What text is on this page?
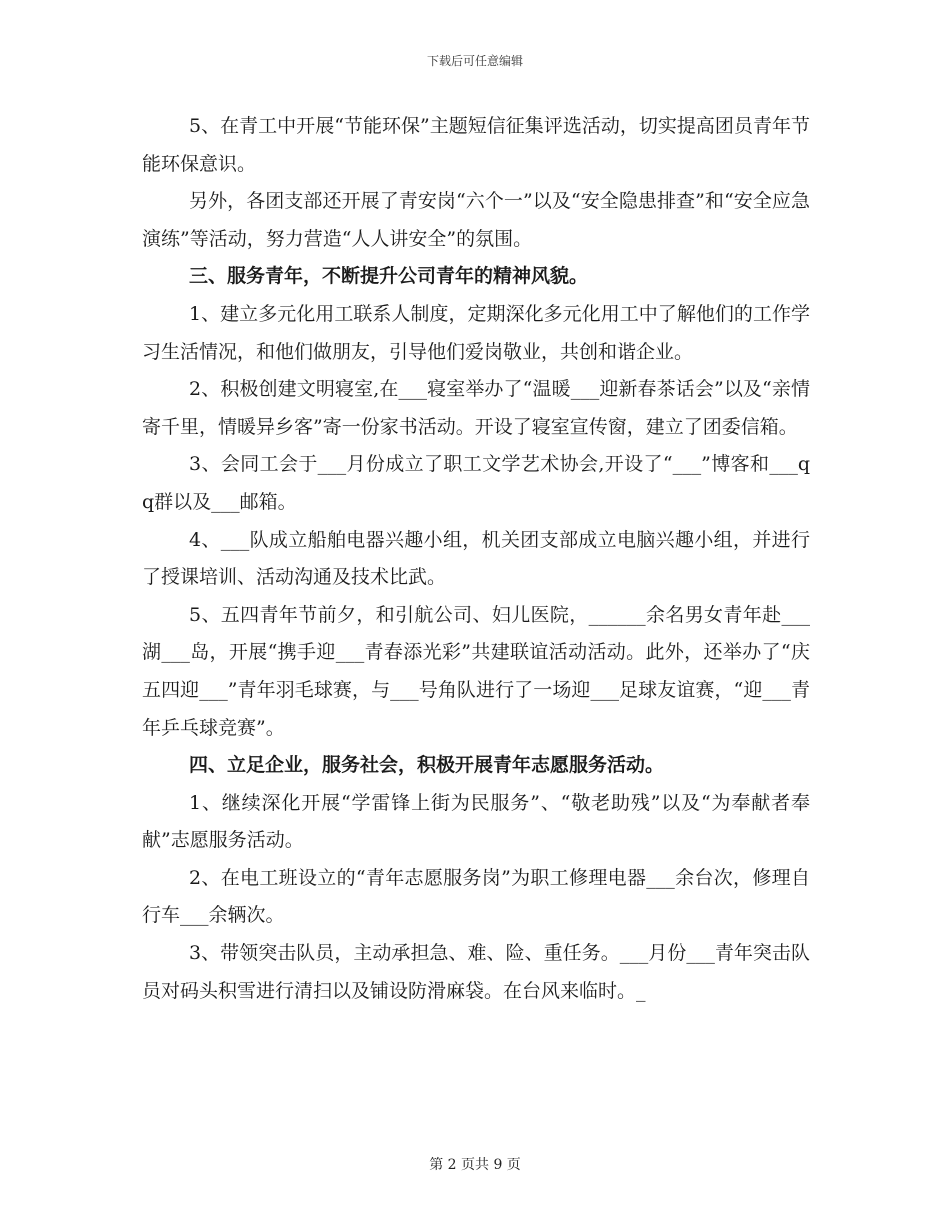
下载后可任意编辑

5、在青工中开展“节能环保”主题短信征集评选活动，切实提高团员青年节能环保意识。

另外，各团支部还开展了青安岗“六个一”以及“安全隐患排查”和“安全应急演练”等活动，努力营造“人人讲安全”的氛围。

三、服务青年，不断提升公司青年的精神风貌。

1、建立多元化用工联系人制度，定期深化多元化用工中了解他们的工作学习生活情况，和他们做朋友，引导他们爱岗敬业，共创和谐企业。

2、积极创建文明寝室,在___寝室举办了“温暖___迎新春茶话会”以及“亲情寄千里，情暖异乡客”寄一份家书活动。开设了寝室宣传窗，建立了团委信箱。

3、会同工会于___月份成立了职工文学艺术协会,开设了“___”博客和___qq群以及___邮箱。

4、___队成立船舶电器兴趣小组，机关团支部成立电脑兴趣小组，并进行了授课培训、活动沟通及技术比武。

5、五四青年节前夕，和引航公司、妇儿医院，______余名男女青年赴___湖___岛，开展“携手迎___青春添光彩”共建联谊活动活动。此外，还举办了“庆五四迎___”青年羽毛球赛，与___号角队进行了一场迎___足球友谊赛，“迎___青年乒乓球竞赛”。

四、立足企业，服务社会，积极开展青年志愿服务活动。

1、继续深化开展“学雷锋上街为民服务”、“敬老助残”以及“为奉献者奉献”志愿服务活动。

2、在电工班设立的“青年志愿服务岗”为职工修理电器___余台次，修理自行车___余辆次。

3、带领突击队员，主动承担急、难、险、重任务。___月份___青年突击队员对码头积雪进行清扫以及铺设防滑麻袋。在台风来临时。_

第 2 页共 9 页
